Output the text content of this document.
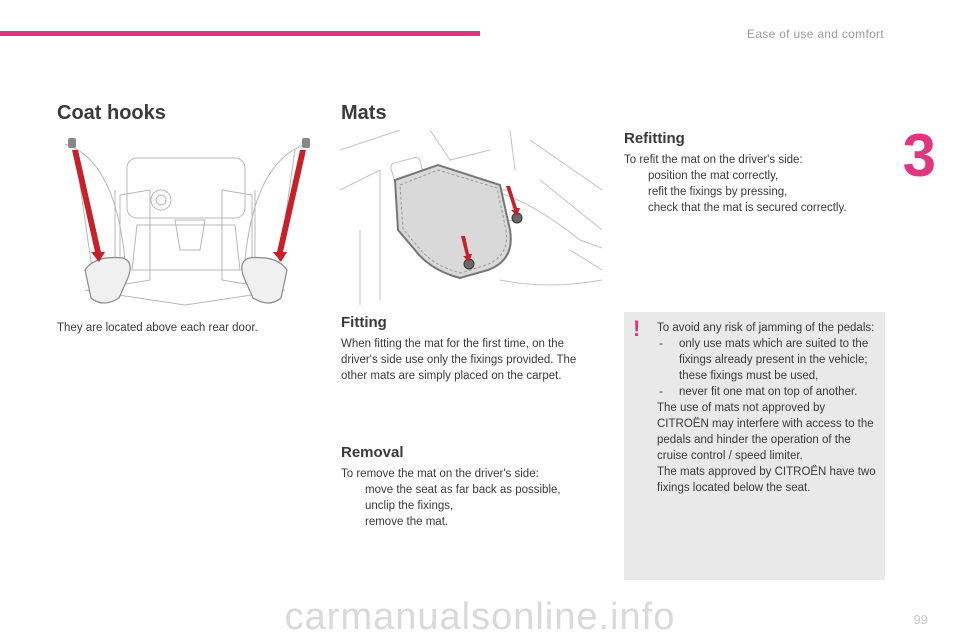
Ease of use and comfort
3
Coat hooks
They are located above each rear door.
Mats
Fitting
When fitting the mat for the first time, on the driver's side use only the fixings provided. The other mats are simply placed on the carpet.
Removal
To remove the mat on the driver's side:
move the seat as far back as possible,
unclip the fixings,
remove the mat.
Refitting
To refit the mat on the driver's side:
position the mat correctly,
refit the fixings by pressing,
check that the mat is secured correctly.
! To avoid any risk of jamming of the pedals:
- only use mats which are suited to the fixings already present in the vehicle; these fixings must be used,
- never fit one mat on top of another.
The use of mats not approved by CITROËN may interfere with access to the pedals and hinder the operation of the cruise control / speed limiter.
The mats approved by CITROËN have two fixings located below the seat.
carmanualsonline.info	99
